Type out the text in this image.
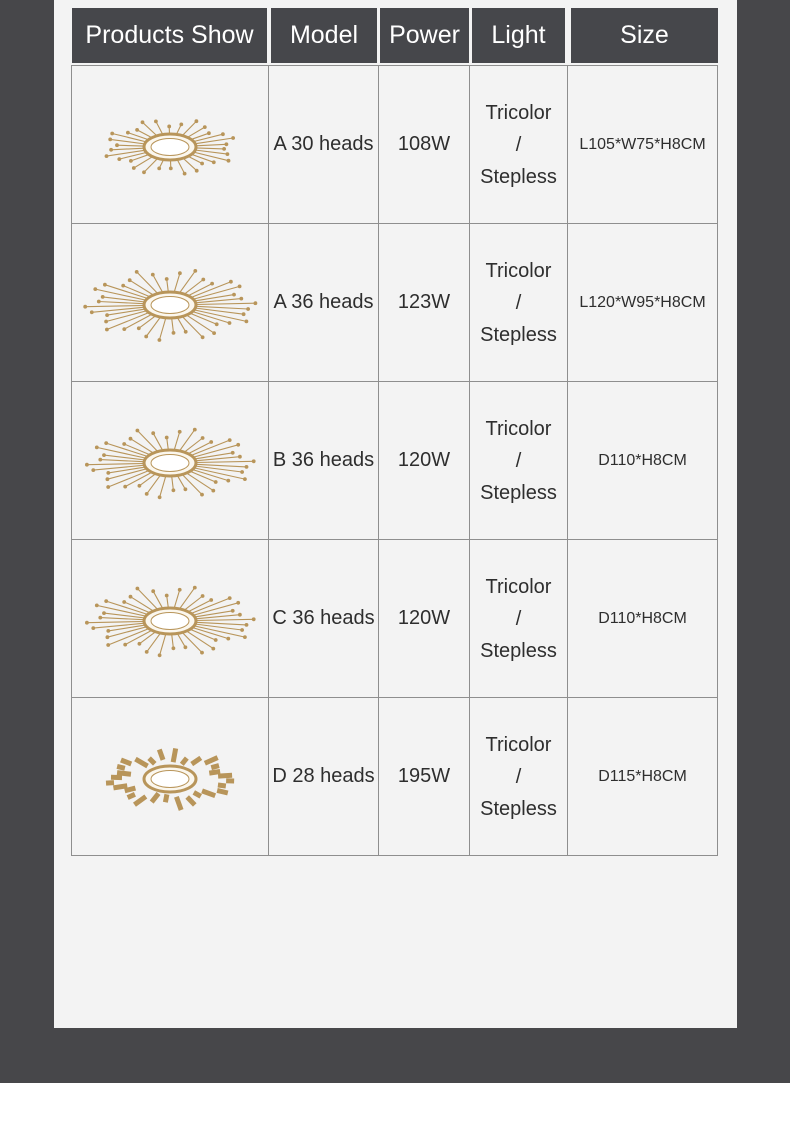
Products Show	Model	Power	Light	Size
	A 30 heads	108W	Tricolor
/
Stepless	L105*W75*H8CM

	A 36 heads	123W	Tricolor
/
Stepless	L120*W95*H8CM

	B 36 heads	120W	Tricolor
/
Stepless	D110*H8CM

	C 36 heads	120W	Tricolor
/
Stepless	D110*H8CM

	D 28 heads	195W	Tricolor
/
Stepless	D115*H8CM
